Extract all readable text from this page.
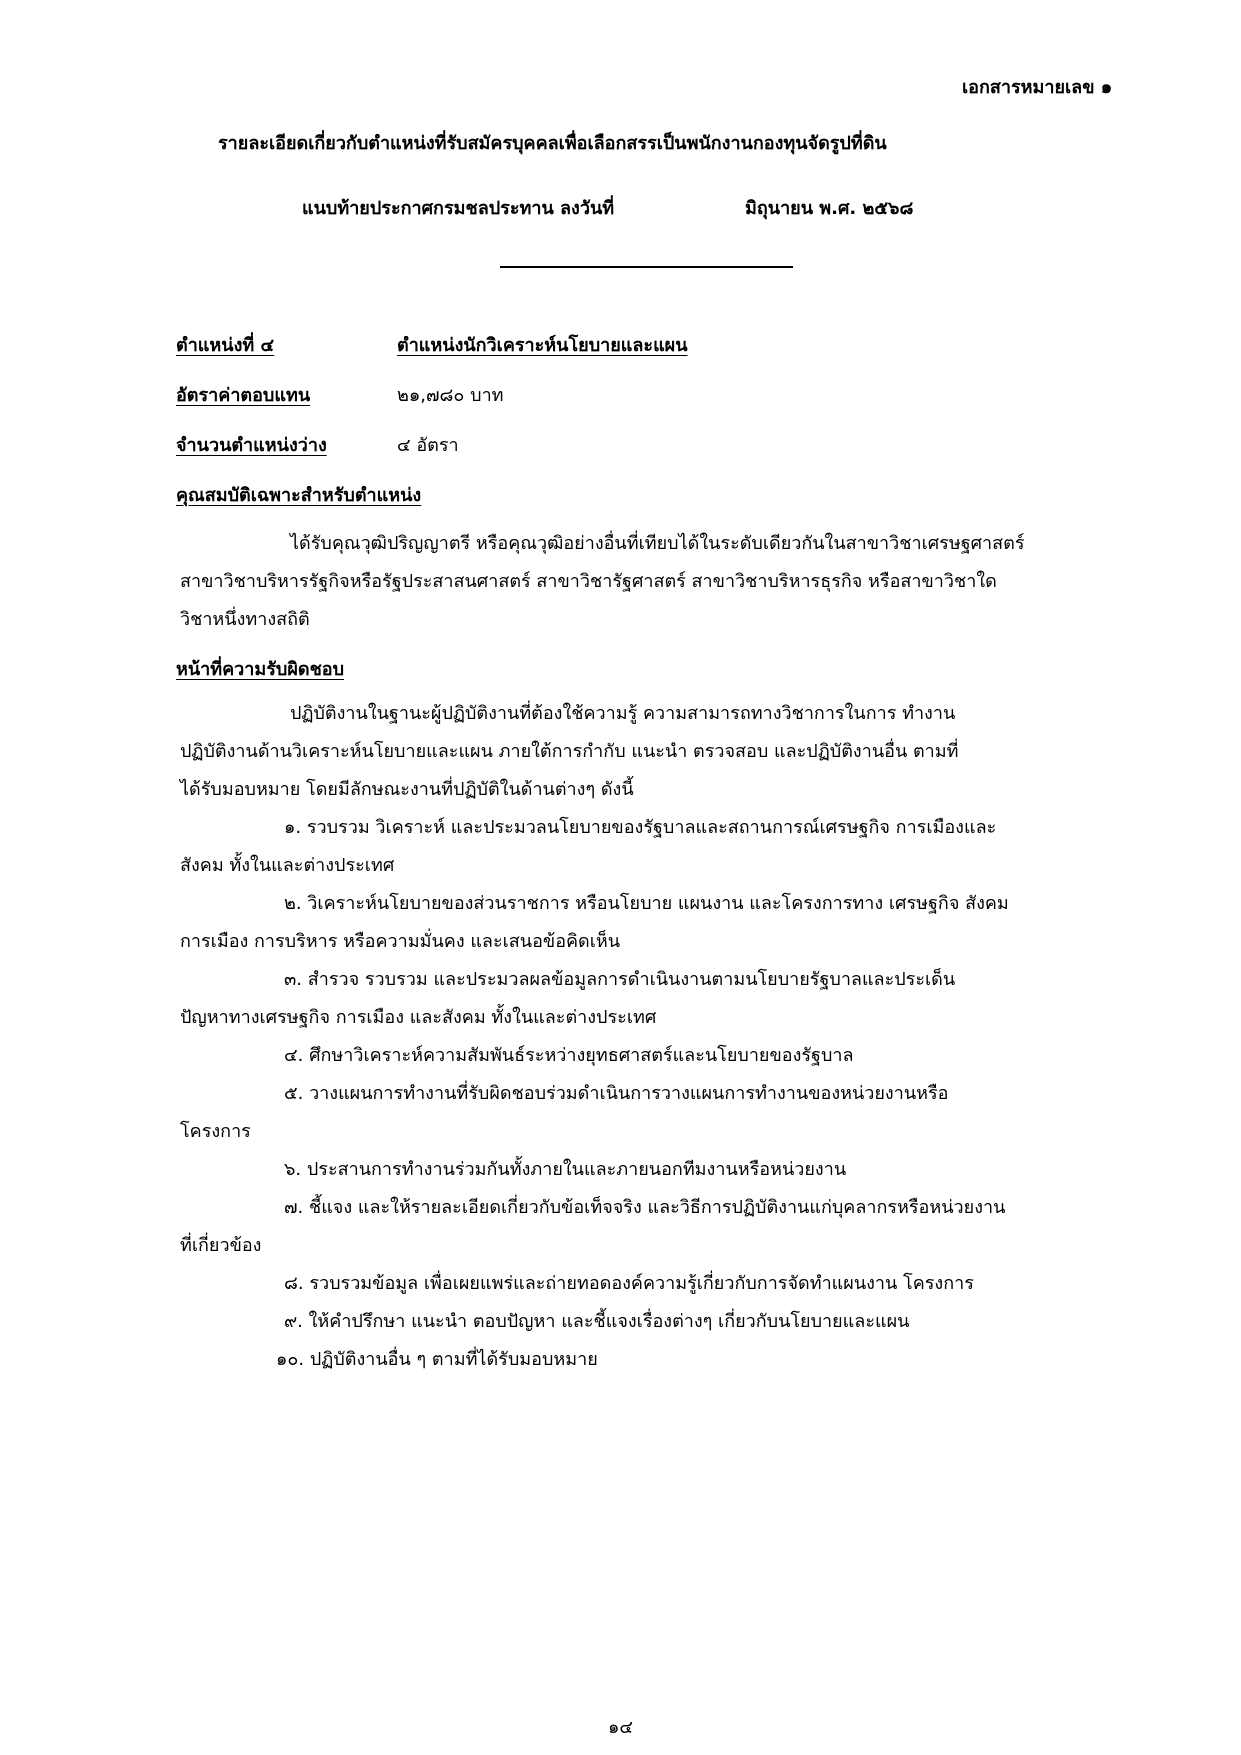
เอกสารหมายเลข ๑
รายละเอียดเกี่ยวกับตำแหน่งที่รับสมัครบุคคลเพื่อเลือกสรรเป็นพนักงานกองทุนจัดรูปที่ดิน
แนบท้ายประกาศกรมชลประทาน ลงวันที่	มิถุนายน พ.ศ. ๒๕๖๘
ตำแหน่งที่ ๔	ตำแหน่งนักวิเคราะห์นโยบายและแผน
อัตราค่าตอบแทน	๒๑,๗๘๐ บาท
จำนวนตำแหน่งว่าง	๔ อัตรา
คุณสมบัติเฉพาะสำหรับตำแหน่ง
ได้รับคุณวุฒิปริญญาตรี หรือคุณวุฒิอย่างอื่นที่เทียบได้ในระดับเดียวกันในสาขาวิชาเศรษฐศาสตร์
สาขาวิชาบริหารรัฐกิจหรือรัฐประสาสนศาสตร์ สาขาวิชารัฐศาสตร์ สาขาวิชาบริหารธุรกิจ หรือสาขาวิชาใด
วิชาหนึ่งทางสถิติ
หน้าที่ความรับผิดชอบ
ปฏิบัติงานในฐานะผู้ปฏิบัติงานที่ต้องใช้ความรู้ ความสามารถทางวิชาการในการ ทำงาน
ปฏิบัติงานด้านวิเคราะห์นโยบายและแผน ภายใต้การกำกับ แนะนำ ตรวจสอบ และปฏิบัติงานอื่น ตามที่
ได้รับมอบหมาย โดยมีลักษณะงานที่ปฏิบัติในด้านต่างๆ ดังนี้
๑. รวบรวม วิเคราะห์ และประมวลนโยบายของรัฐบาลและสถานการณ์เศรษฐกิจ การเมืองและ
สังคม ทั้งในและต่างประเทศ
๒. วิเคราะห์นโยบายของส่วนราชการ หรือนโยบาย แผนงาน และโครงการทาง เศรษฐกิจ สังคม
การเมือง การบริหาร หรือความมั่นคง และเสนอข้อคิดเห็น
๓. สำรวจ รวบรวม และประมวลผลข้อมูลการดำเนินงานตามนโยบายรัฐบาลและประเด็น
ปัญหาทางเศรษฐกิจ การเมือง และสังคม ทั้งในและต่างประเทศ
๔. ศึกษาวิเคราะห์ความสัมพันธ์ระหว่างยุทธศาสตร์และนโยบายของรัฐบาล
๕. วางแผนการทำงานที่รับผิดชอบร่วมดำเนินการวางแผนการทำงานของหน่วยงานหรือ
โครงการ
๖. ประสานการทำงานร่วมกันทั้งภายในและภายนอกทีมงานหรือหน่วยงาน
๗. ชี้แจง และให้รายละเอียดเกี่ยวกับข้อเท็จจริง และวิธีการปฏิบัติงานแก่บุคลากรหรือหน่วยงาน
ที่เกี่ยวข้อง
๘. รวบรวมข้อมูล เพื่อเผยแพร่และถ่ายทอดองค์ความรู้เกี่ยวกับการจัดทำแผนงาน โครงการ
๙. ให้คำปรึกษา แนะนำ ตอบปัญหา และชี้แจงเรื่องต่างๆ เกี่ยวกับนโยบายและแผน
๑๐. ปฏิบัติงานอื่น ๆ ตามที่ได้รับมอบหมาย
๑๔
